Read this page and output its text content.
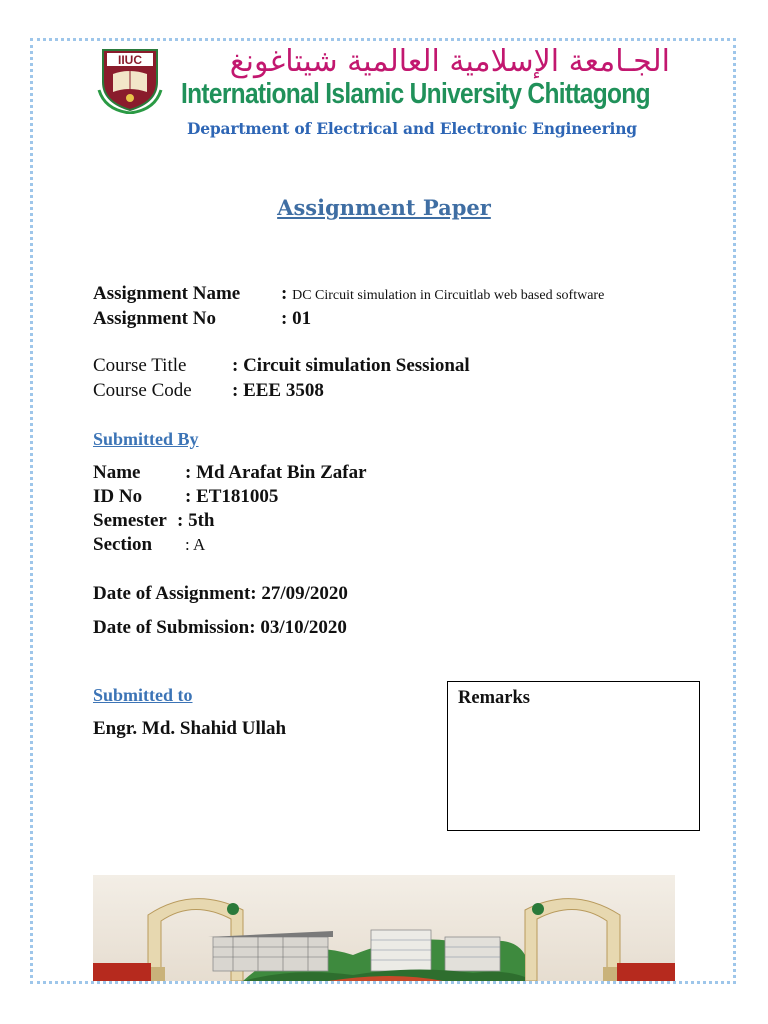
IIUC	الجـامعة الإسلامية العالمية شيتاغونغ
International Islamic University Chittagong
Department of Electrical and Electronic Engineering
Assignment Paper
Assignment Name : DC Circuit simulation in Circuitlab web based software
Assignment No	: 01
Course Title : Circuit simulation Sessional
Course Code : EEE 3508
Submitted By
Name : Md Arafat Bin Zafar
ID No : ET181005
Semester : 5th
Section : A
Date of Assignment: 27/09/2020
Date of Submission: 03/10/2020
Submitted to
Engr. Md. Shahid Ullah
Remarks
